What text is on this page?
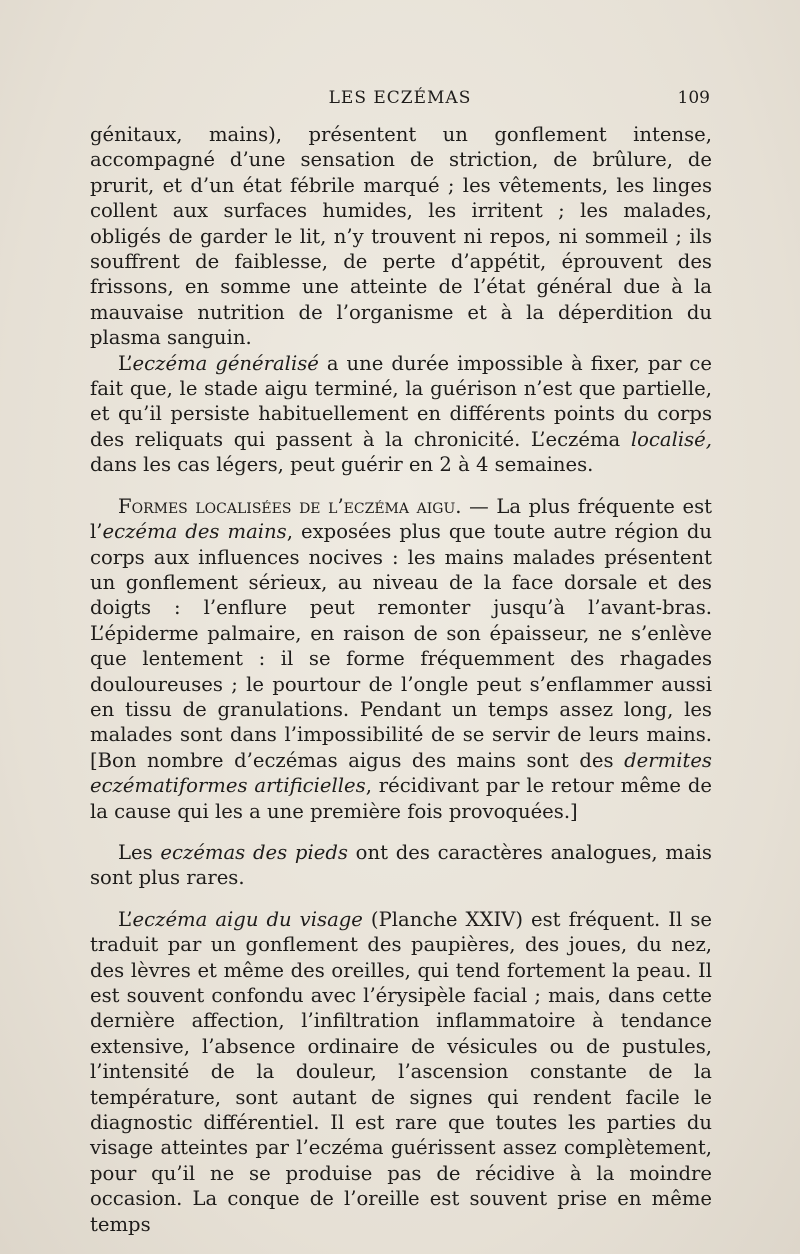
LES ECZÉMAS	109

génitaux, mains), présentent un gonflement intense, accompagné d’une sensation de striction, de brûlure, de prurit, et d’un état fébrile marqué ; les vêtements, les linges collent aux surfaces humides, les irritent ; les malades, obligés de garder le lit, n’y trouvent ni repos, ni sommeil ; ils souffrent de faiblesse, de perte d’appétit, éprouvent des frissons, en somme une atteinte de l’état général due à la mauvaise nutrition de l’organisme et à la déperdition du plasma sanguin.

L’eczéma généralisé a une durée impossible à fixer, par ce fait que, le stade aigu terminé, la guérison n’est que partielle, et qu’il persiste habituellement en différents points du corps des reliquats qui passent à la chronicité. L’eczéma localisé, dans les cas légers, peut guérir en 2 à 4 semaines.

Formes localisées de l’eczéma aigu. — La plus fréquente est l’eczéma des mains, exposées plus que toute autre région du corps aux influences nocives : les mains malades présentent un gonflement sérieux, au niveau de la face dorsale et des doigts : l’enflure peut remonter jusqu’à l’avant-bras. L’épiderme palmaire, en raison de son épaisseur, ne s’enlève que lentement : il se forme fréquemment des rhagades douloureuses ; le pourtour de l’ongle peut s’enflammer aussi en tissu de granulations. Pendant un temps assez long, les malades sont dans l’impossibilité de se servir de leurs mains. [Bon nombre d’eczémas aigus des mains sont des dermites eczématiformes artificielles, récidivant par le retour même de la cause qui les a une première fois provoquées.]

Les eczémas des pieds ont des caractères analogues, mais sont plus rares.

L’eczéma aigu du visage (Planche XXIV) est fréquent. Il se traduit par un gonflement des paupières, des joues, du nez, des lèvres et même des oreilles, qui tend fortement la peau. Il est souvent confondu avec l’érysipèle facial ; mais, dans cette dernière affection, l’infiltration inflammatoire à tendance extensive, l’absence ordinaire de vésicules ou de pustules, l’intensité de la douleur, l’ascension constante de la température, sont autant de signes qui rendent facile le diagnostic différentiel. Il est rare que toutes les parties du visage atteintes par l’eczéma guérissent assez complètement, pour qu’il ne se produise pas de récidive à la moindre occasion. La conque de l’oreille est souvent prise en même temps
